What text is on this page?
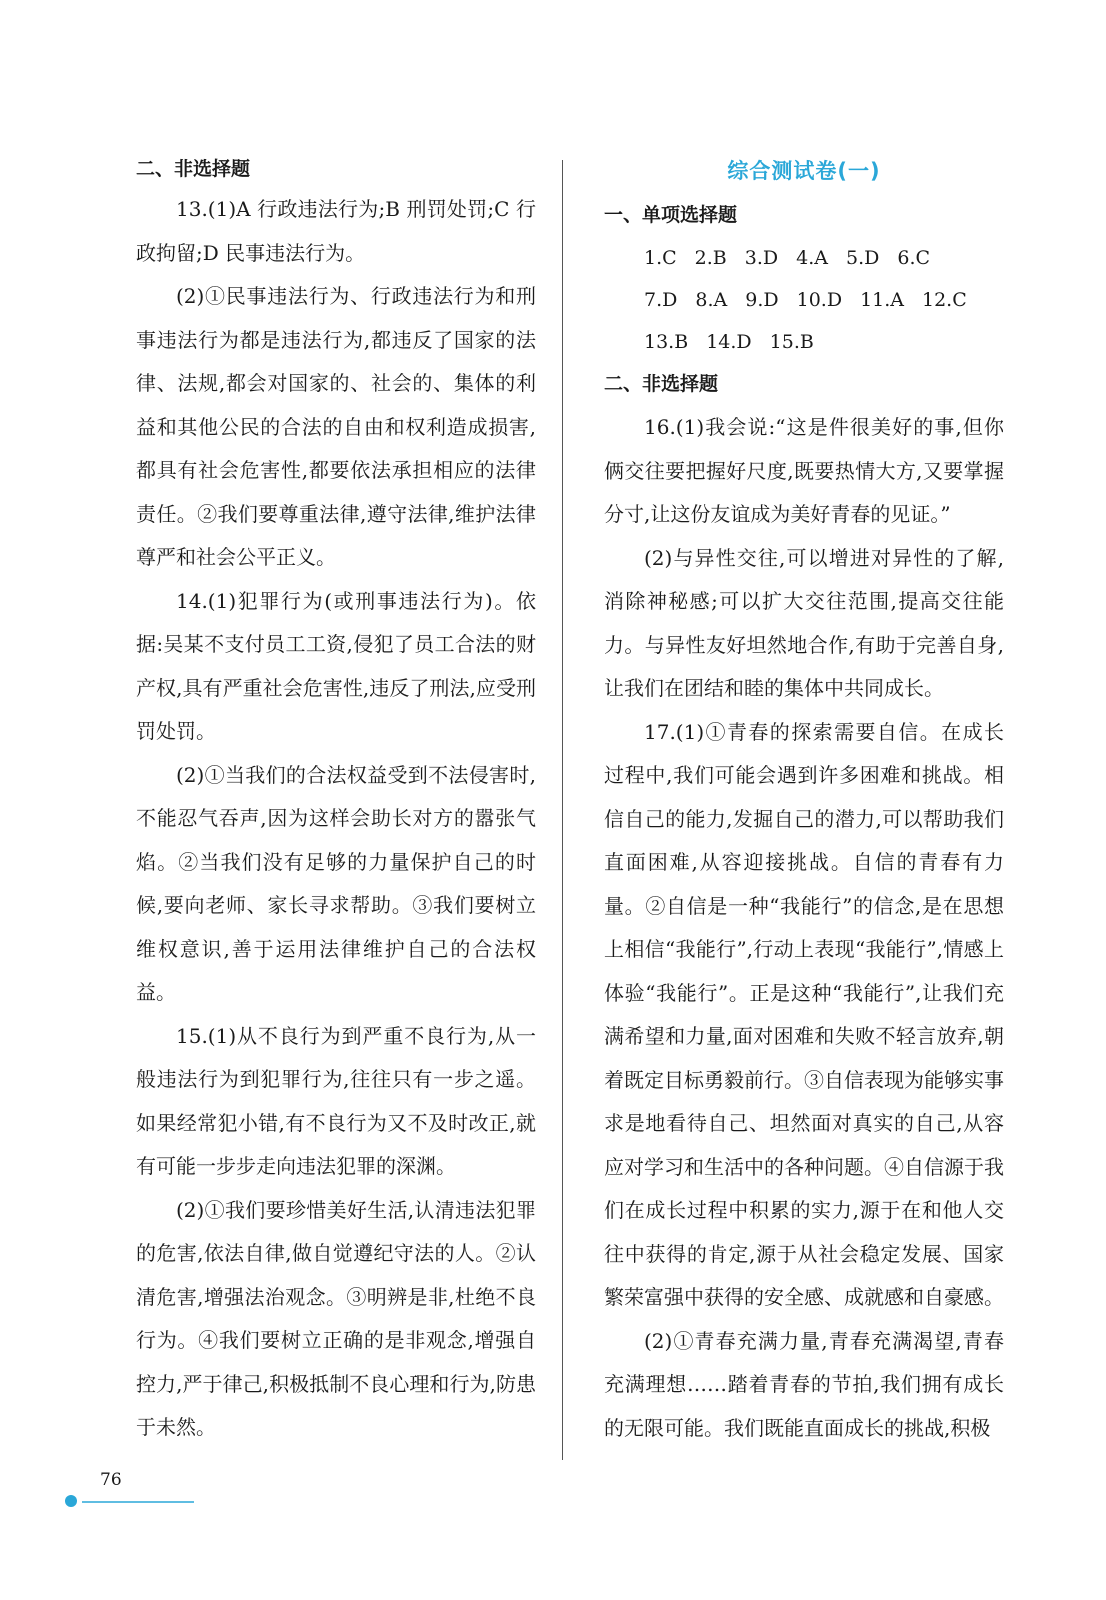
二、非选择题

13.(1)A 行政违法行为;B 刑罚处罚;C 行政拘留;D 民事违法行为。

(2)①民事违法行为、行政违法行为和刑事违法行为都是违法行为,都违反了国家的法律、法规,都会对国家的、社会的、集体的利益和其他公民的合法的自由和权利造成损害,都具有社会危害性,都要依法承担相应的法律责任。②我们要尊重法律,遵守法律,维护法律尊严和社会公平正义。

14.(1)犯罪行为(或刑事违法行为)。依据:吴某不支付员工工资,侵犯了员工合法的财产权,具有严重社会危害性,违反了刑法,应受刑罚处罚。

(2)①当我们的合法权益受到不法侵害时,不能忍气吞声,因为这样会助长对方的嚣张气焰。②当我们没有足够的力量保护自己的时候,要向老师、家长寻求帮助。③我们要树立维权意识,善于运用法律维护自己的合法权益。

15.(1)从不良行为到严重不良行为,从一般违法行为到犯罪行为,往往只有一步之遥。如果经常犯小错,有不良行为又不及时改正,就有可能一步步走向违法犯罪的深渊。

(2)①我们要珍惜美好生活,认清违法犯罪的危害,依法自律,做自觉遵纪守法的人。②认清危害,增强法治观念。③明辨是非,杜绝不良行为。④我们要树立正确的是非观念,增强自控力,严于律己,积极抵制不良心理和行为,防患于未然。

综合测试卷(一)
一、单项选择题
1.C 2.B 3.D 4.A 5.D 6.C
7.D 8.A 9.D 10.D 11.A 12.C
13.B 14.D 15.B
二、非选择题

16.(1)我会说:“这是件很美好的事,但你俩交往要把握好尺度,既要热情大方,又要掌握分寸,让这份友谊成为美好青春的见证。”

(2)与异性交往,可以增进对异性的了解,消除神秘感;可以扩大交往范围,提高交往能力。与异性友好坦然地合作,有助于完善自身,让我们在团结和睦的集体中共同成长。

17.(1)①青春的探索需要自信。在成长过程中,我们可能会遇到许多困难和挑战。相信自己的能力,发掘自己的潜力,可以帮助我们直面困难,从容迎接挑战。自信的青春有力量。②自信是一种“我能行”的信念,是在思想上相信“我能行”,行动上表现“我能行”,情感上体验“我能行”。正是这种“我能行”,让我们充满希望和力量,面对困难和失败不轻言放弃,朝着既定目标勇毅前行。③自信表现为能够实事求是地看待自己、坦然面对真实的自己,从容应对学习和生活中的各种问题。④自信源于我们在成长过程中积累的实力,源于在和他人交往中获得的肯定,源于从社会稳定发展、国家繁荣富强中获得的安全感、成就感和自豪感。

(2)①青春充满力量,青春充满渴望,青春充满理想……踏着青春的节拍,我们拥有成长的无限可能。我们既能直面成长的挑战,积极

76
